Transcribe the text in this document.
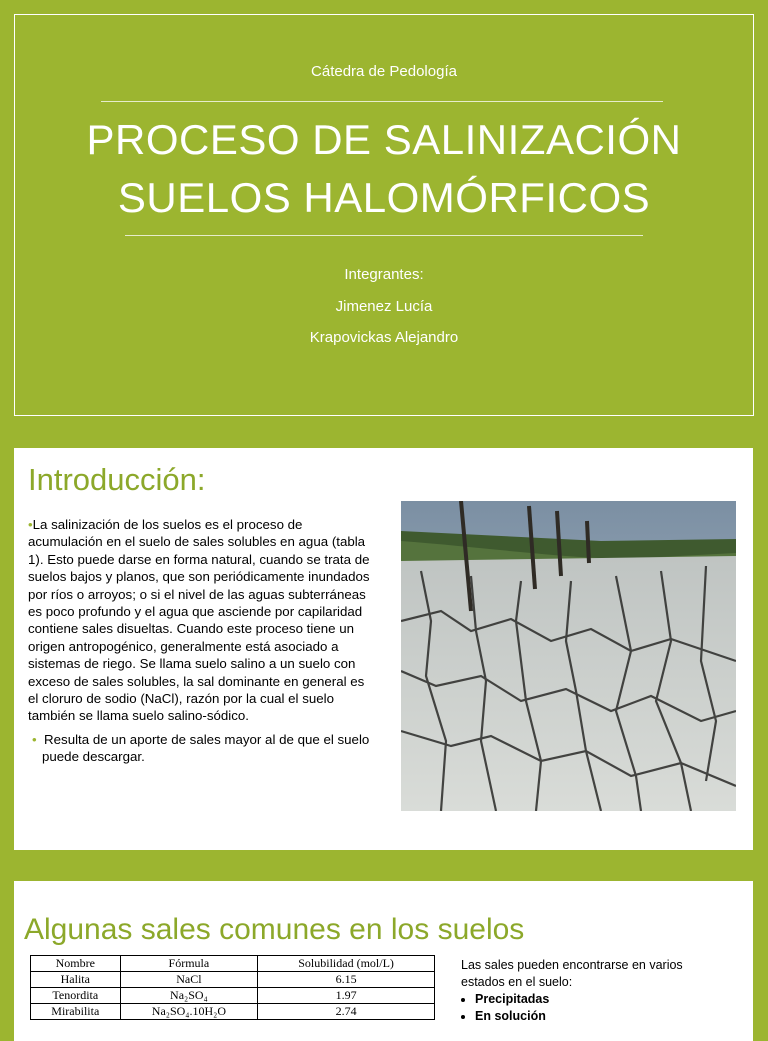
Cátedra de Pedología
PROCESO DE SALINIZACIÓN
SUELOS HALOMÓRFICOS
Integrantes:
Jimenez Lucía
Krapovickas Alejandro
Introducción:

•La salinización de los suelos es el proceso de acumulación en el suelo de sales solubles en agua (tabla 1). Esto puede darse en forma natural, cuando se trata de suelos bajos y planos, que son periódicamente inundados por ríos o arroyos; o si el nivel de las aguas subterráneas es poco profundo y el agua que asciende por capilaridad contiene sales disueltas. Cuando este proceso tiene un origen antropogénico, generalmente está asociado a sistemas de riego. Se llama suelo salino a un suelo con exceso de sales solubles, la sal dominante en general es el cloruro de sodio (NaCl), razón por la cual el suelo también se llama suelo salino-sódico.

• Resulta de un aporte de sales mayor al de que el suelo puede descargar.

Algunas sales comunes en los suelos
Nombre	Fórmula	Solubilidad (mol/L)
Halita	NaCl	6.15
Tenordita	Na₂SO₄	1.97
Mirabilita	Na₂SO₄.10H₂O	2.74
Las sales pueden encontrarse en varios estados en el suelo:
• Precipitadas
• En solución
